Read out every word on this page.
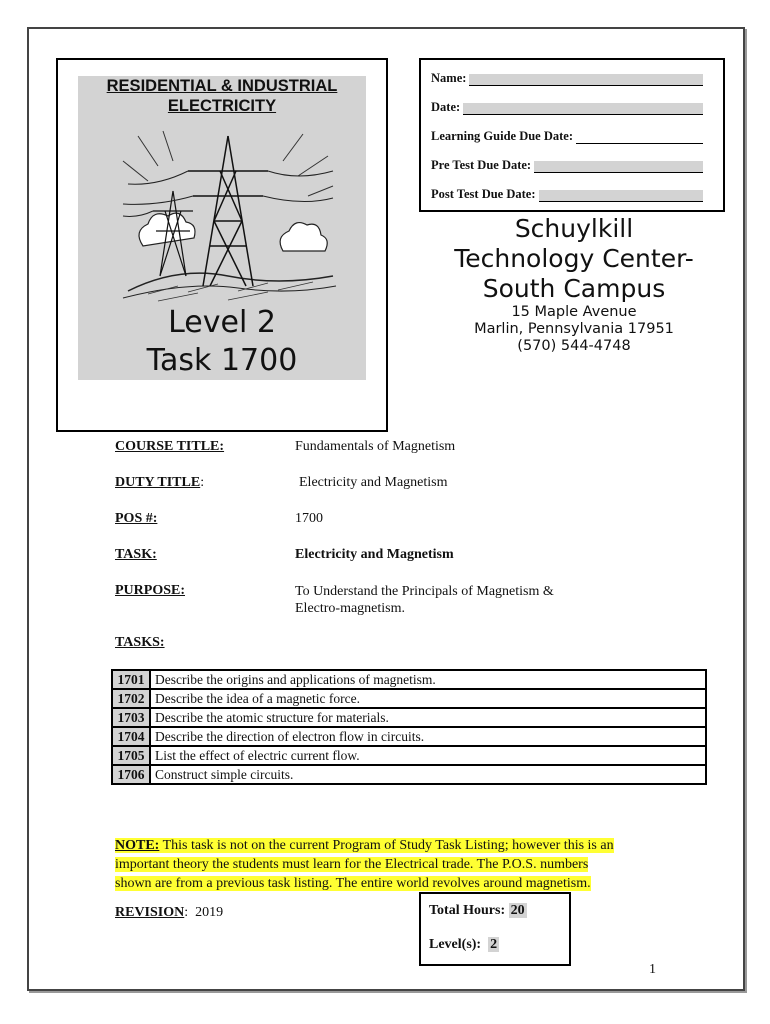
RESIDENTIAL & INDUSTRIAL ELECTRICITY
Level 2
Task 1700
Name:
Date:
Learning Guide Due Date:
Pre Test Due Date:
Post Test Due Date:
Schuylkill
Technology Center-
South Campus
15 Maple Avenue
Marlin, Pennsylvania 17951
(570) 544-4748
COURSE TITLE:	Fundamentals of Magnetism
DUTY TITLE:	Electricity and Magnetism
POS #:	1700
TASK:	Electricity and Magnetism
PURPOSE:	To Understand the Principals of Magnetism &
Electro-magnetism.
TASKS:
1701	Describe the origins and applications of magnetism.
1702	Describe the idea of a magnetic force.
1703	Describe the atomic structure for materials.
1704	Describe the direction of electron flow in circuits.
1705	List the effect of electric current flow.
1706	Construct simple circuits.
NOTE: This task is not on the current Program of Study Task Listing; however this is an
important theory the students must learn for the Electrical trade. The P.O.S. numbers
shown are from a previous task listing. The entire world revolves around magnetism.
REVISION:  2019	Total Hours: 20
Level(s): 2
1
